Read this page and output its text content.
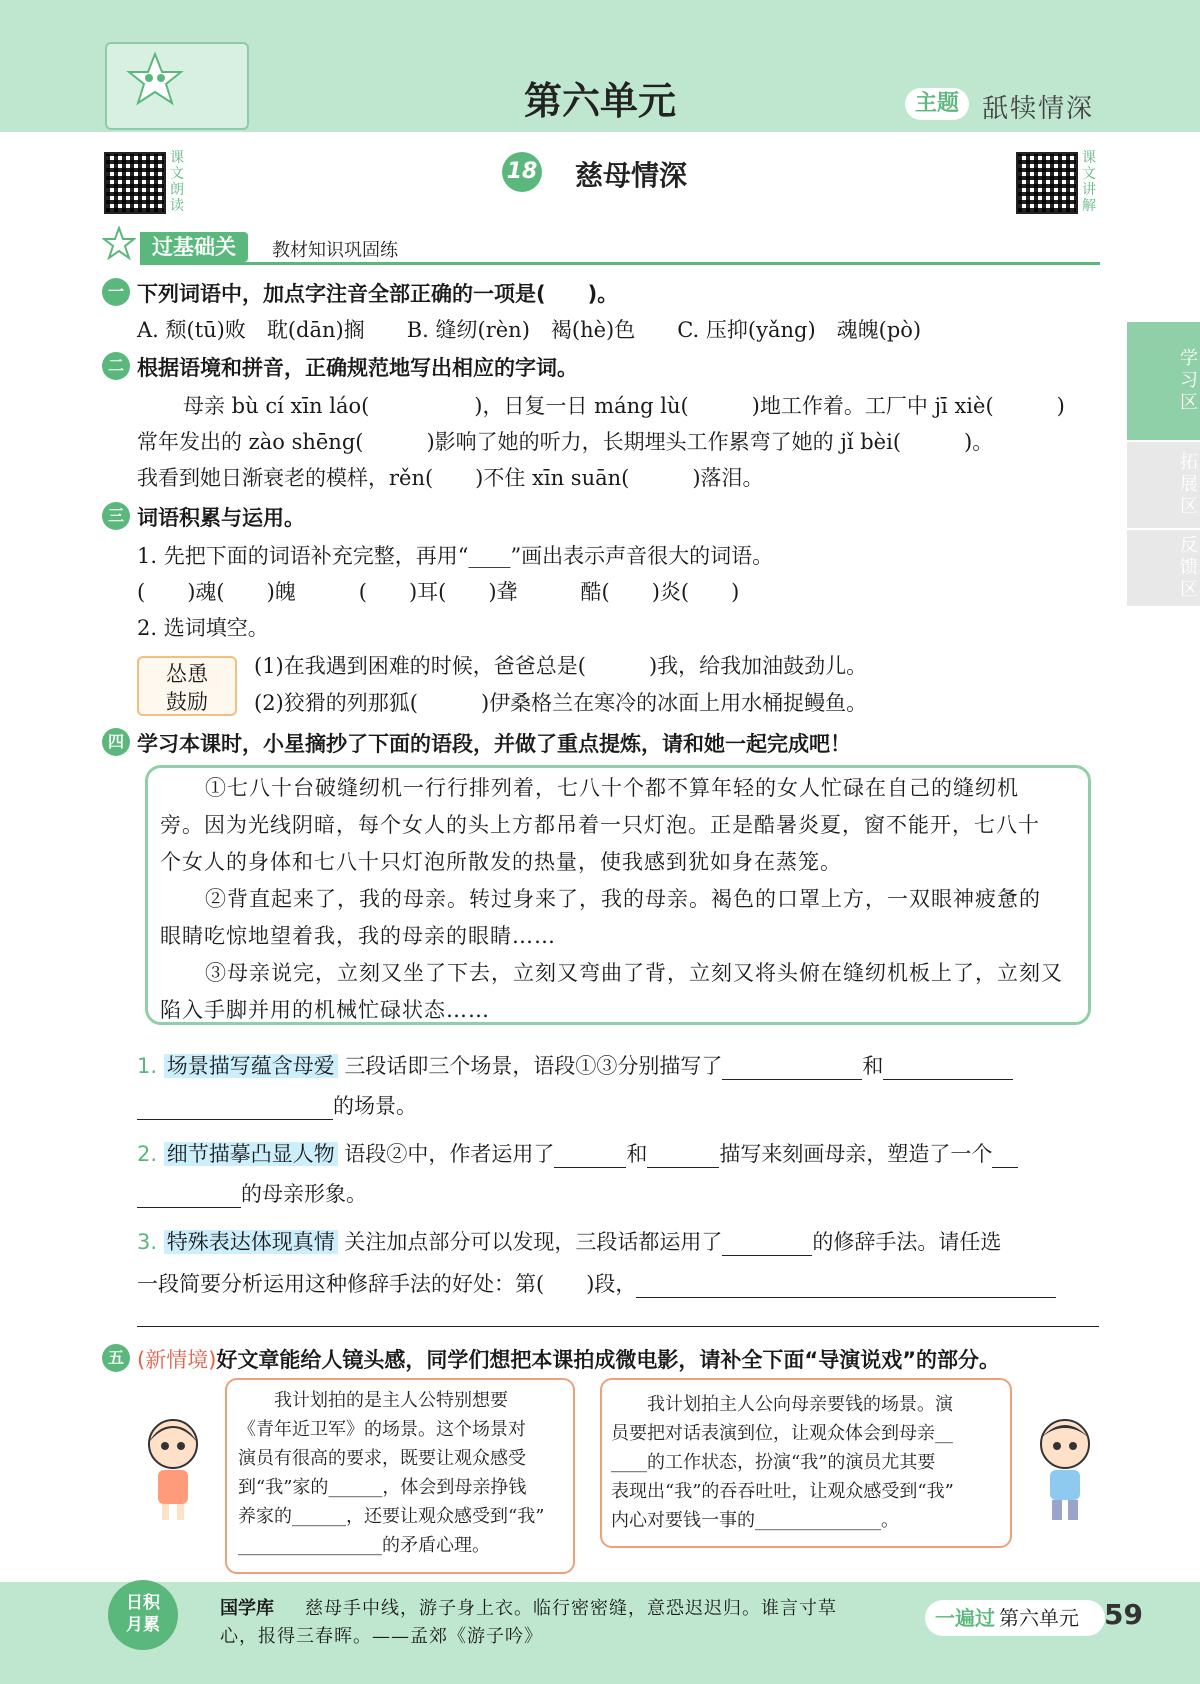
第六单元	主题 舐犊情深
课文朗读
课文讲解
18 慈母情深
过基础关	教材知识巩固练
学习区
拓展区
反馈区
一 下列词语中，加点字注音全部正确的一项是(　　)。
A. 颓(tū)败　耽(dān)搁　　B. 缝纫(rèn)　褐(hè)色　　C. 压抑(yǎng)　魂魄(pò)
二 根据语境和拼音，正确规范地写出相应的字词。
母亲 bù cí xīn láo(　　　　　)，日复一日 máng lù(　　　)地工作着。工厂中 jī xiè(　　　)
常年发出的 zào shēng(　　　)影响了她的听力，长期埋头工作累弯了她的 jǐ bèi(　　　)。
我看到她日渐衰老的模样，rěn(　　)不住 xīn suān(　　　)落泪。
三 词语积累与运用。
1. 先把下面的词语补充完整，再用“____”画出表示声音很大的词语。
(　　)魂(　　)魄　　　(　　)耳(　　)聋　　　酷(　　)炎(　　)
2. 选词填空。
怂恿
鼓励
(1)在我遇到困难的时候，爸爸总是(　　　)我，给我加油鼓劲儿。
(2)狡猾的列那狐(　　　)伊桑格兰在寒冷的冰面上用水桶捉鳗鱼。
四 学习本课时，小星摘抄了下面的语段，并做了重点提炼，请和她一起完成吧！
①七八十台破缝纫机一行行排列着，七八十个都不算年轻的女人忙碌在自己的缝纫机
旁。因为光线阴暗，每个女人的头上方都吊着一只灯泡。正是酷暑炎夏，窗不能开，七八十
个女人的身体和七八十只灯泡所散发的热量，使我感到犹如身在蒸笼。
②背直起来了，我的母亲。转过身来了，我的母亲。褐色的口罩上方，一双眼神疲惫的
眼睛吃惊地望着我，我的母亲的眼睛……
③母亲说完，立刻又坐了下去，立刻又弯曲了背，立刻又将头俯在缝纫机板上了，立刻又
陷入手脚并用的机械忙碌状态……
1. 场景描写蕴含母爱 三段话即三个场景，语段①③分别描写了	和
的场景。
2. 细节描摹凸显人物 语段②中，作者运用了	和	描写来刻画母亲，塑造了一个
的母亲形象。
3. 特殊表达体现真情 关注加点部分可以发现，三段话都运用了	的修辞手法。请任选
一段简要分析运用这种修辞手法的好处：第(　　)段，
五 (新情境)好文章能给人镜头感，同学们想把本课拍成微电影，请补全下面“导演说戏”的部分。
　　我计划拍的是主人公特别想要
《青年近卫军》的场景。这个场景对
演员有很高的要求，既要让观众感受
到“我”家的______，体会到母亲挣钱
养家的______，还要让观众感受到“我”
________________的矛盾心理。
　　我计划拍主人公向母亲要钱的场景。演
员要把对话表演到位，让观众体会到母亲__
____的工作状态，扮演“我”的演员尤其要
表现出“我”的吞吞吐吐，让观众感受到“我”
内心对要钱一事的______________。
日积
月累
国学库 慈母手中线，游子身上衣。临行密密缝，意恐迟迟归。谁言寸草
心，报得三春晖。——孟郊《游子吟》
一遍过 第六单元 59
